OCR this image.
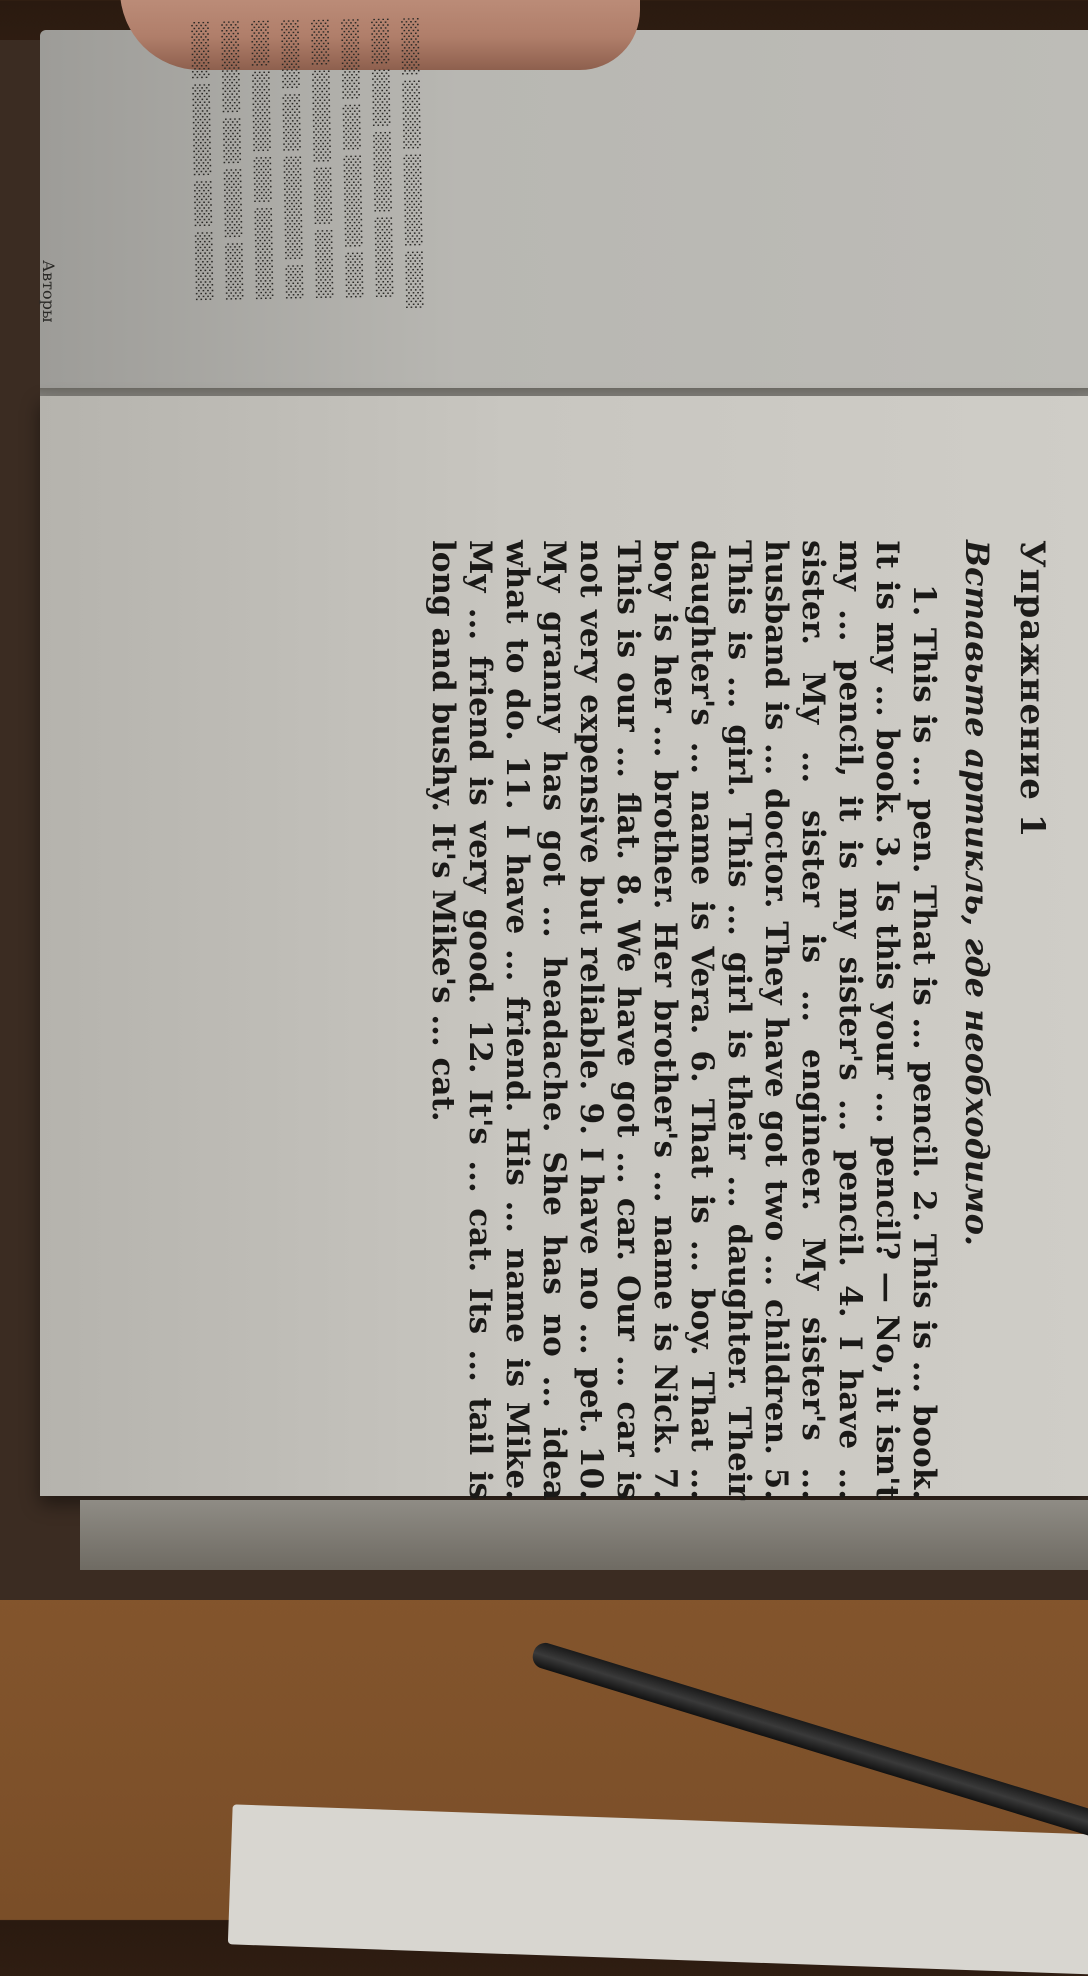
Упражнение 1
Вставьте артикль, где необходимо.
1. This is ... pen. That is ... pencil. 2. This is ... book. It is my ... book. 3. Is this your ... pencil? — No, it isn't my ... pencil, it is my sister's ... pencil. 4. I have ... sister. My ... sister is ... engineer. My sister's ... husband is ... doctor. They have got two ... children. 5. This is ... girl. This ... girl is their ... daughter. Their daughter's ... name is Vera. 6. That is ... boy. That ... boy is her ... brother. Her brother's ... name is Nick. 7. This is our ... flat. 8. We have got ... car. Our ... car is not very expensive but reliable. 9. I have no ... pet. 10. My granny has got ... headache. She has no ... idea what to do. 11. I have ... friend. His ... name is Mike. My ... friend is very good. 12. It's ... cat. Its ... tail is long and bushy. It's Mike's ... cat.
░░░░░ ░░░░░░ ░░░░░░░░ ░░░░░
░░░░ ░░░░░ ░░░░░░░ ░░░░░░░
░░░░░░░ ░░░░ ░░░░░░░░ ░░░░
░░░░ ░░░░░░░░ ░░░░░ ░░░░░░
░░░░░░ ░░░░░ ░░░░░░░░░ ░░░
░░░░ ░░░░░░░ ░░░░ ░░░░░░░░
░░░░░░░░ ░░░░ ░░░░░░ ░░░░░
░░░░░ ░░░░░░░░ ░░░░ ░░░░░░
Авторы
